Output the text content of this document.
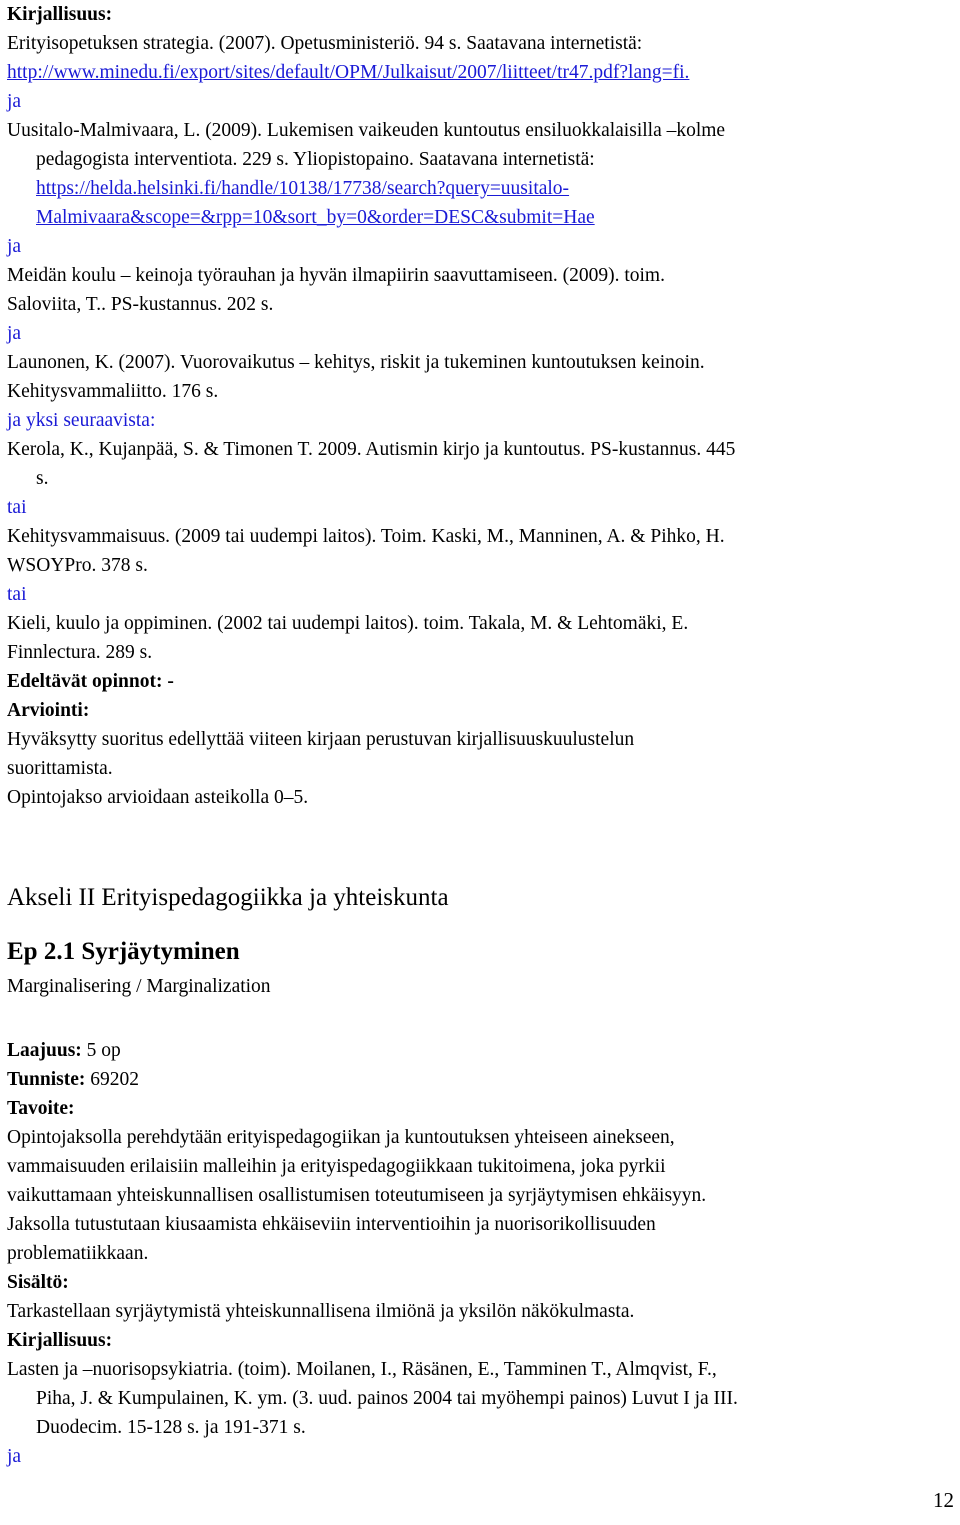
Kirjallisuus:
Erityisopetuksen strategia. (2007). Opetusministeriö. 94 s. Saatavana internetistä:
http://www.minedu.fi/export/sites/default/OPM/Julkaisut/2007/liitteet/tr47.pdf?lang=fi.
ja
Uusitalo-Malmivaara, L. (2009). Lukemisen vaikeuden kuntoutus ensiluokkalaisilla –kolme
pedagogista interventiota. 229 s. Yliopistopaino. Saatavana internetistä:
https://helda.helsinki.fi/handle/10138/17738/search?query=uusitalo-
Malmivaara&scope=&rpp=10&sort_by=0&order=DESC&submit=Hae
ja
Meidän koulu – keinoja työrauhan ja hyvän ilmapiirin saavuttamiseen. (2009). toim.
Saloviita, T.. PS-kustannus. 202 s.
ja
Launonen, K. (2007). Vuorovaikutus – kehitys, riskit ja tukeminen kuntoutuksen keinoin.
Kehitysvammaliitto. 176 s.
ja yksi seuraavista:
Kerola, K., Kujanpää, S. & Timonen T. 2009. Autismin kirjo ja kuntoutus. PS-kustannus. 445
s.
tai
Kehitysvammaisuus. (2009 tai uudempi laitos). Toim. Kaski, M., Manninen, A. & Pihko, H.
WSOYPro. 378 s.
tai
Kieli, kuulo ja oppiminen. (2002 tai uudempi laitos). toim. Takala, M. & Lehtomäki, E.
Finnlectura. 289 s.
Edeltävät opinnot: -
Arviointi:
Hyväksytty suoritus edellyttää viiteen kirjaan perustuvan kirjallisuuskuulustelun
suorittamista.
Opintojakso arvioidaan asteikolla 0–5.
Akseli II Erityispedagogiikka ja yhteiskunta
Ep 2.1 Syrjäytyminen
Marginalisering / Marginalization
Laajuus: 5 op
Tunniste: 69202
Tavoite:
Opintojaksolla perehdytään erityispedagogiikan ja kuntoutuksen yhteiseen ainekseen,
vammaisuuden erilaisiin malleihin ja erityispedagogiikkaan tukitoimena, joka pyrkii
vaikuttamaan yhteiskunnallisen osallistumisen toteutumiseen ja syrjäytymisen ehkäisyyn.
Jaksolla tutustutaan kiusaamista ehkäiseviin interventioihin ja nuorisorikollisuuden
problematiikkaan.
Sisältö:
Tarkastellaan syrjäytymistä yhteiskunnallisena ilmiönä ja yksilön näkökulmasta.
Kirjallisuus:
Lasten ja –nuorisopsykiatria. (toim). Moilanen, I., Räsänen, E., Tamminen T., Almqvist, F.,
Piha, J. & Kumpulainen, K. ym. (3. uud. painos 2004 tai myöhempi painos) Luvut I ja III.
Duodecim. 15-128 s. ja 191-371 s.
ja
12
